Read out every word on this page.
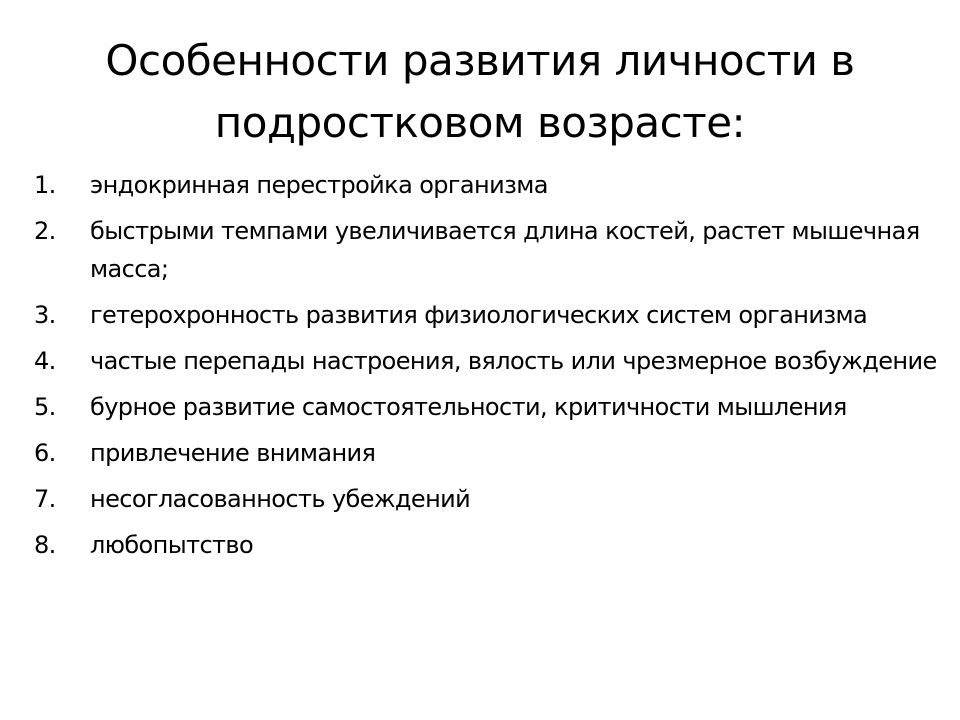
Особенности развития личности в подростковом возрасте:
1.	эндокринная перестройка организма
2.	быстрыми темпами увеличивается длина костей, растет мышечная масса;
3.	гетерохронность развития физиологических систем организма
4.	частые перепады настроения, вялость или чрезмерное возбуждение
5.	бурное развитие самостоятельности, критичности мышления
6.	привлечение внимания
7.	несогласованность убеждений
8.	любопытство
